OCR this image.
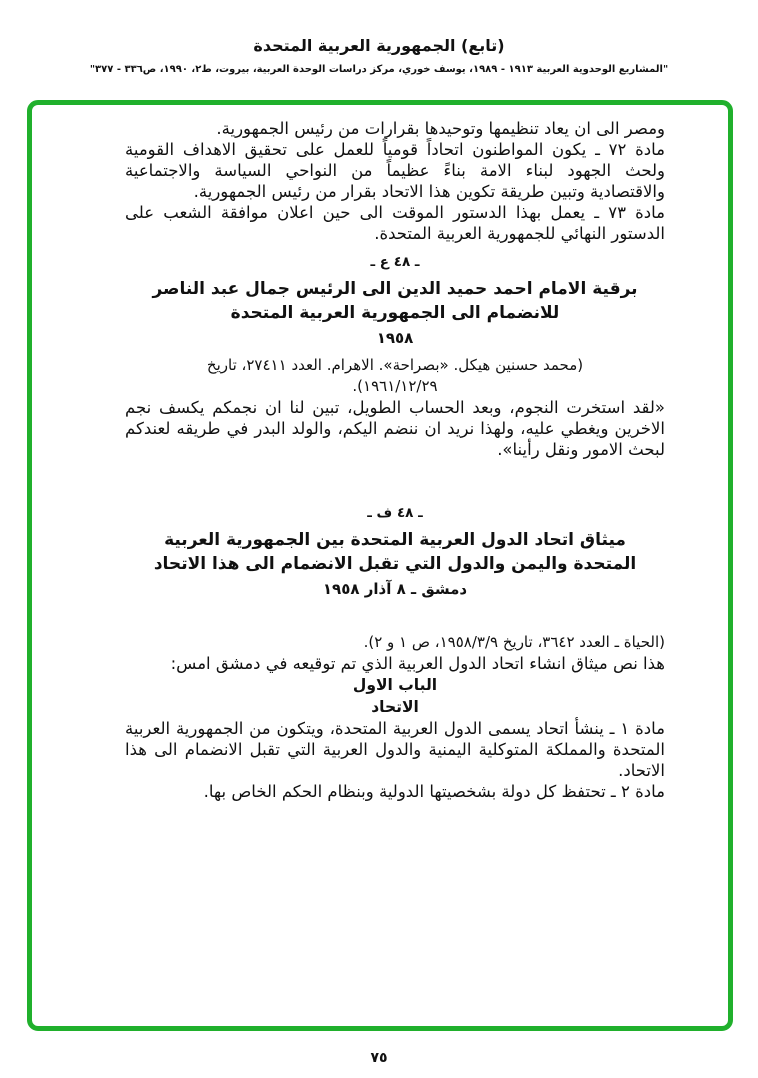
(تابع) الجمهورية العربية المتحدة
"المشاريع الوحدوية العربية ١٩١٣ - ١٩٨٩، يوسف خوري، مركز دراسات الوحدة العربية، بيروت، ط٢، ١٩٩٠، ص٣٣٦ - ٣٧٧"

ومصر الى ان يعاد تنظيمها وتوحيدها بقرارات من رئيس الجمهورية.

مادة ٧٢ ـ يكون المواطنون اتحاداً قومياً للعمل على تحقيق الاهداف القومية ولحث الجهود لبناء الامة بناءً عظيماً من النواحي السياسة والاجتماعية والاقتصادية وتبين طريقة تكوين هذا الاتحاد بقرار من رئيس الجمهورية.

مادة ٧٣ ـ يعمل بهذا الدستور الموقت الى حين اعلان موافقة الشعب على الدستور النهائي للجمهورية العربية المتحدة.

ـ ٤٨ ع ـ
برقية الامام احمد حميد الدين الى الرئيس جمال عبد الناصر للانضمام الى الجمهورية العربية المتحدة
١٩٥٨

(محمد حسنين هيكل. «بصراحة». الاهرام. العدد ٢٧٤١١، تاريخ ١٩٦١/١٢/٢٩).

«لقد استخرت النجوم، وبعد الحساب الطويل، تبين لنا ان نجمكم يكسف نجم الاخرين ويغطي عليه، ولهذا نريد ان ننضم اليكم، والولد البدر في طريقه لعندكم لبحث الامور ونقل رأينا».

ـ ٤٨ ف ـ
ميثاق اتحاد الدول العربية المتحدة بين الجمهورية العربية المتحدة واليمن والدول التي تقبل الانضمام الى هذا الاتحاد
دمشق ـ ٨ آذار ١٩٥٨

(الحياة ـ العدد ٣٦٤٢، تاريخ ١٩٥٨/٣/٩، ص ١ و ٢).

هذا نص ميثاق انشاء اتحاد الدول العربية الذي تم توقيعه في دمشق امس:

الباب الاول
الاتحاد

مادة ١ ـ ينشأ اتحاد يسمى الدول العربية المتحدة، ويتكون من الجمهورية العربية المتحدة والمملكة المتوكلية اليمنية والدول العربية التي تقبل الانضمام الى هذا الاتحاد.

مادة ٢ ـ تحتفظ كل دولة بشخصيتها الدولية وبنظام الحكم الخاص بها.

٧٥
